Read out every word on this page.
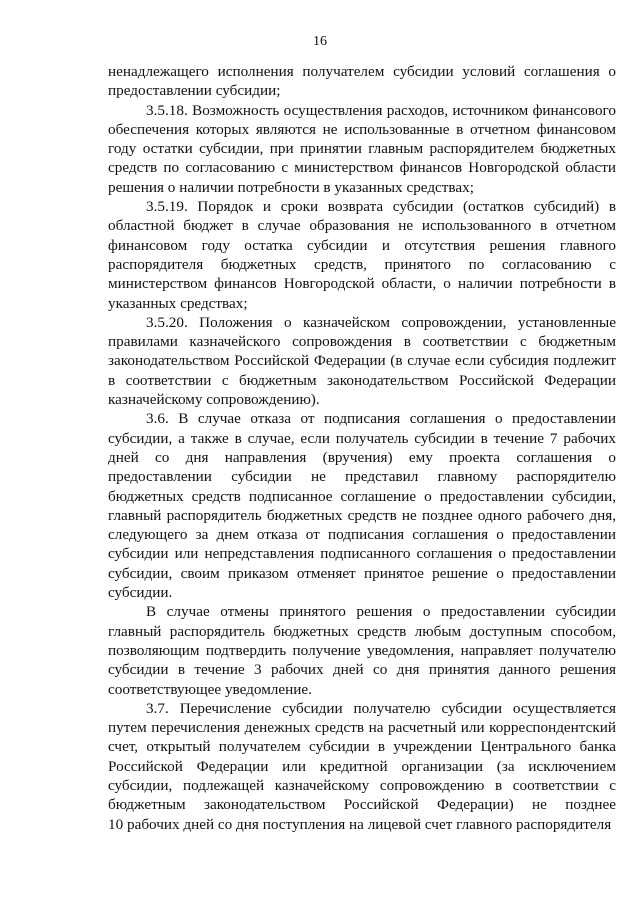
16

ненадлежащего исполнения получателем субсидии условий соглашения о
предоставлении субсидии;

3.5.18. Возможность осуществления расходов, источником финансового
обеспечения которых являются не использованные в отчетном финансовом
году остатки субсидии, при принятии главным распорядителем бюджетных
средств по согласованию с министерством финансов Новгородской области
решения о наличии потребности в указанных средствах;

3.5.19. Порядок и сроки возврата субсидии (остатков субсидий) в
областной бюджет в случае образования не использованного в отчетном
финансовом году остатка субсидии и отсутствия решения главного
распорядителя бюджетных средств, принятого по согласованию с
министерством финансов Новгородской области, о наличии потребности в
указанных средствах;

3.5.20. Положения о казначейском сопровождении, установленные
правилами казначейского сопровождения в соответствии с бюджетным
законодательством Российской Федерации (в случае если субсидия подлежит
в соответствии с бюджетным законодательством Российской Федерации
казначейскому сопровождению).

3.6. В случае отказа от подписания соглашения о предоставлении
субсидии, а также в случае, если получатель субсидии в течение 7 рабочих
дней со дня направления (вручения) ему проекта соглашения о
предоставлении субсидии не представил главному распорядителю
бюджетных средств подписанное соглашение о предоставлении субсидии,
главный распорядитель бюджетных средств не позднее одного рабочего дня,
следующего за днем отказа от подписания соглашения о предоставлении
субсидии или непредставления подписанного соглашения о предоставлении
субсидии, своим приказом отменяет принятое решение о предоставлении
субсидии.

В случае отмены принятого решения о предоставлении субсидии
главный распорядитель бюджетных средств любым доступным способом,
позволяющим подтвердить получение уведомления, направляет получателю
субсидии в течение 3 рабочих дней со дня принятия данного решения
соответствующее уведомление.

3.7. Перечисление субсидии получателю субсидии осуществляется
путем перечисления денежных средств на расчетный или корреспондентский
счет, открытый получателем субсидии в учреждении Центрального банка
Российской Федерации или кредитной организации (за исключением
субсидии, подлежащей казначейскому сопровождению в соответствии с
бюджетным законодательством Российской Федерации) не позднее
10 рабочих дней со дня поступления на лицевой счет главного распорядителя
